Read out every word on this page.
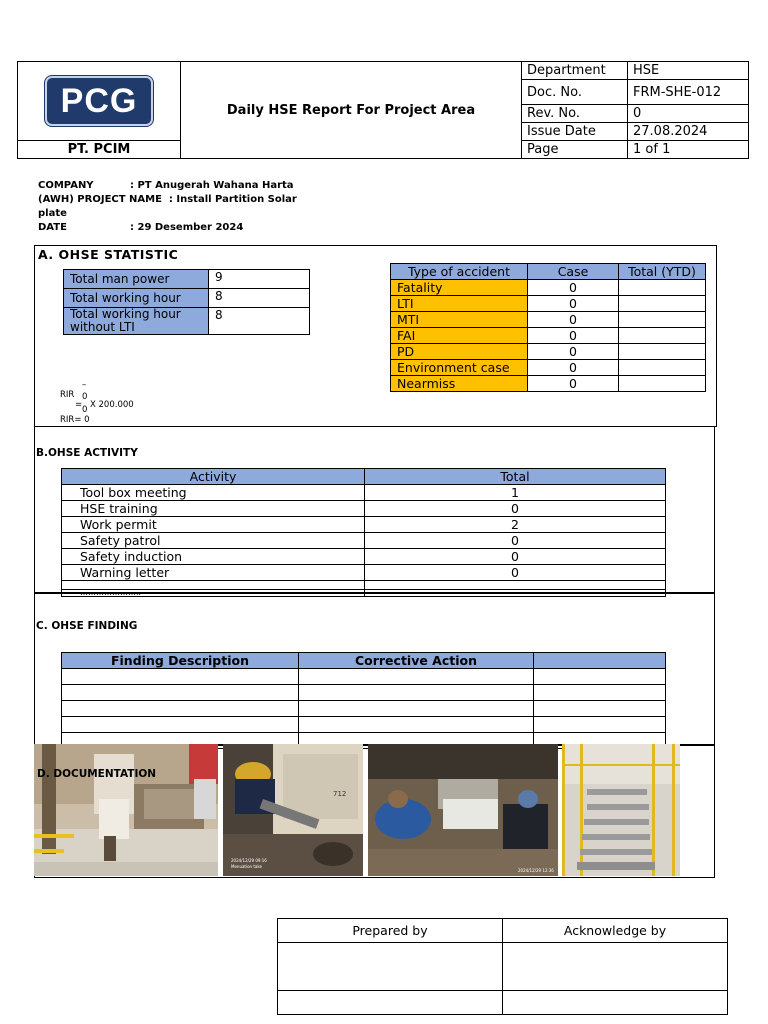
PCG	Daily HSE Report For Project Area	Department	HSE
		Doc. No.	FRM-SHE-012
		Rev. No.	0
		Issue Date	27.08.2024
PT. PCIM		Page	1 of 1
COMPANY	: PT Anugerah Wahana Harta
(AWH) PROJECT NAME : Install Partition Solar
plate
DATE	: 29 Desember 2024
A. OHSE STATISTIC
Total man power	9
Total working hour	8
Total working hour without LTI	8
–
RIR 0
= X 200.000
0
RIR= 0
Type of accident	Case	Total (YTD)
Fatality	0	
LTI	0	
MTI	0	
FAI	0	
PD	0	
Environment case	0	
Nearmiss	0	
B.OHSE ACTIVITY
Activity	Total
Tool box meeting	1
HSE training	0
Work permit	2
Safety patrol	0
Safety induction	0
Warning letter	0

…………………..	
C. OHSE FINDING
Finding Description	Corrective Action	

2024/12/29 09:16
Menuation take
712
2024/12/29 12:36
D. DOCUMENTATION
Prepared by	Acknowledge by
